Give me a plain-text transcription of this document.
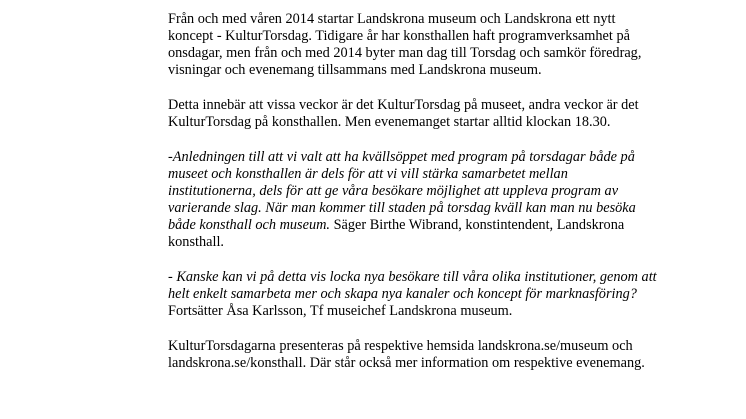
Från och med våren 2014 startar Landskrona museum och Landskrona ett nytt koncept - KulturTorsdag. Tidigare år har konsthallen haft programverksamhet på onsdagar, men från och med 2014 byter man dag till Torsdag och samkör föredrag, visningar och evenemang tillsammans med Landskrona museum.

Detta innebär att vissa veckor är det KulturTorsdag på museet, andra veckor är det KulturTorsdag på konsthallen. Men evenemanget startar alltid klockan 18.30.

-Anledningen till att vi valt att ha kvällsöppet med program på torsdagar både på museet och konsthallen är dels för att vi vill stärka samarbetet mellan institutionerna, dels för att ge våra besökare möjlighet att uppleva program av varierande slag. När man kommer till staden på torsdag kväll kan man nu besöka både konsthall och museum. Säger Birthe Wibrand, konstintendent, Landskrona konsthall.

- Kanske kan vi på detta vis locka nya besökare till våra olika institutioner, genom att helt enkelt samarbeta mer och skapa nya kanaler och koncept för marknasföring? Fortsätter Åsa Karlsson, Tf museichef Landskrona museum.

KulturTorsdagarna presenteras på respektive hemsida landskrona.se/museum och landskrona.se/konsthall. Där står också mer information om respektive evenemang.
